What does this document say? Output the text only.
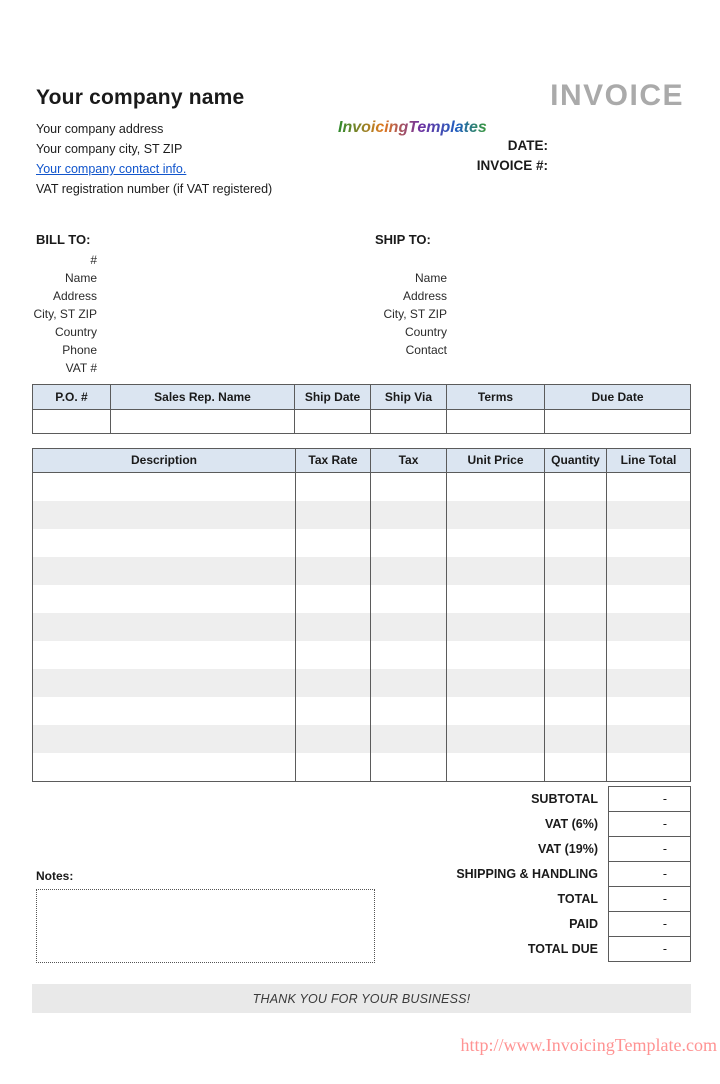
Your company name
Your company address
Your company city, ST ZIP
Your company contact info.
VAT registration number (if VAT registered)
INVOICE
InvoicingTemplates
DATE:
INVOICE #:
BILL TO:
#
Name
Address
City, ST ZIP
Country
Phone
VAT #
SHIP TO:
Name
Address
City, ST ZIP
Country
Contact
P.O. #	Sales Rep. Name	Ship Date	Ship Via	Terms	Due Date
Description	Tax Rate	Tax	Unit Price	Quantity	Line Total
SUBTOTAL	-
VAT (6%)	-
VAT (19%)	-
SHIPPING & HANDLING	-
TOTAL	-
PAID	-
TOTAL DUE	-
Notes:
THANK YOU FOR YOUR BUSINESS!
http://www.InvoicingTemplate.com
